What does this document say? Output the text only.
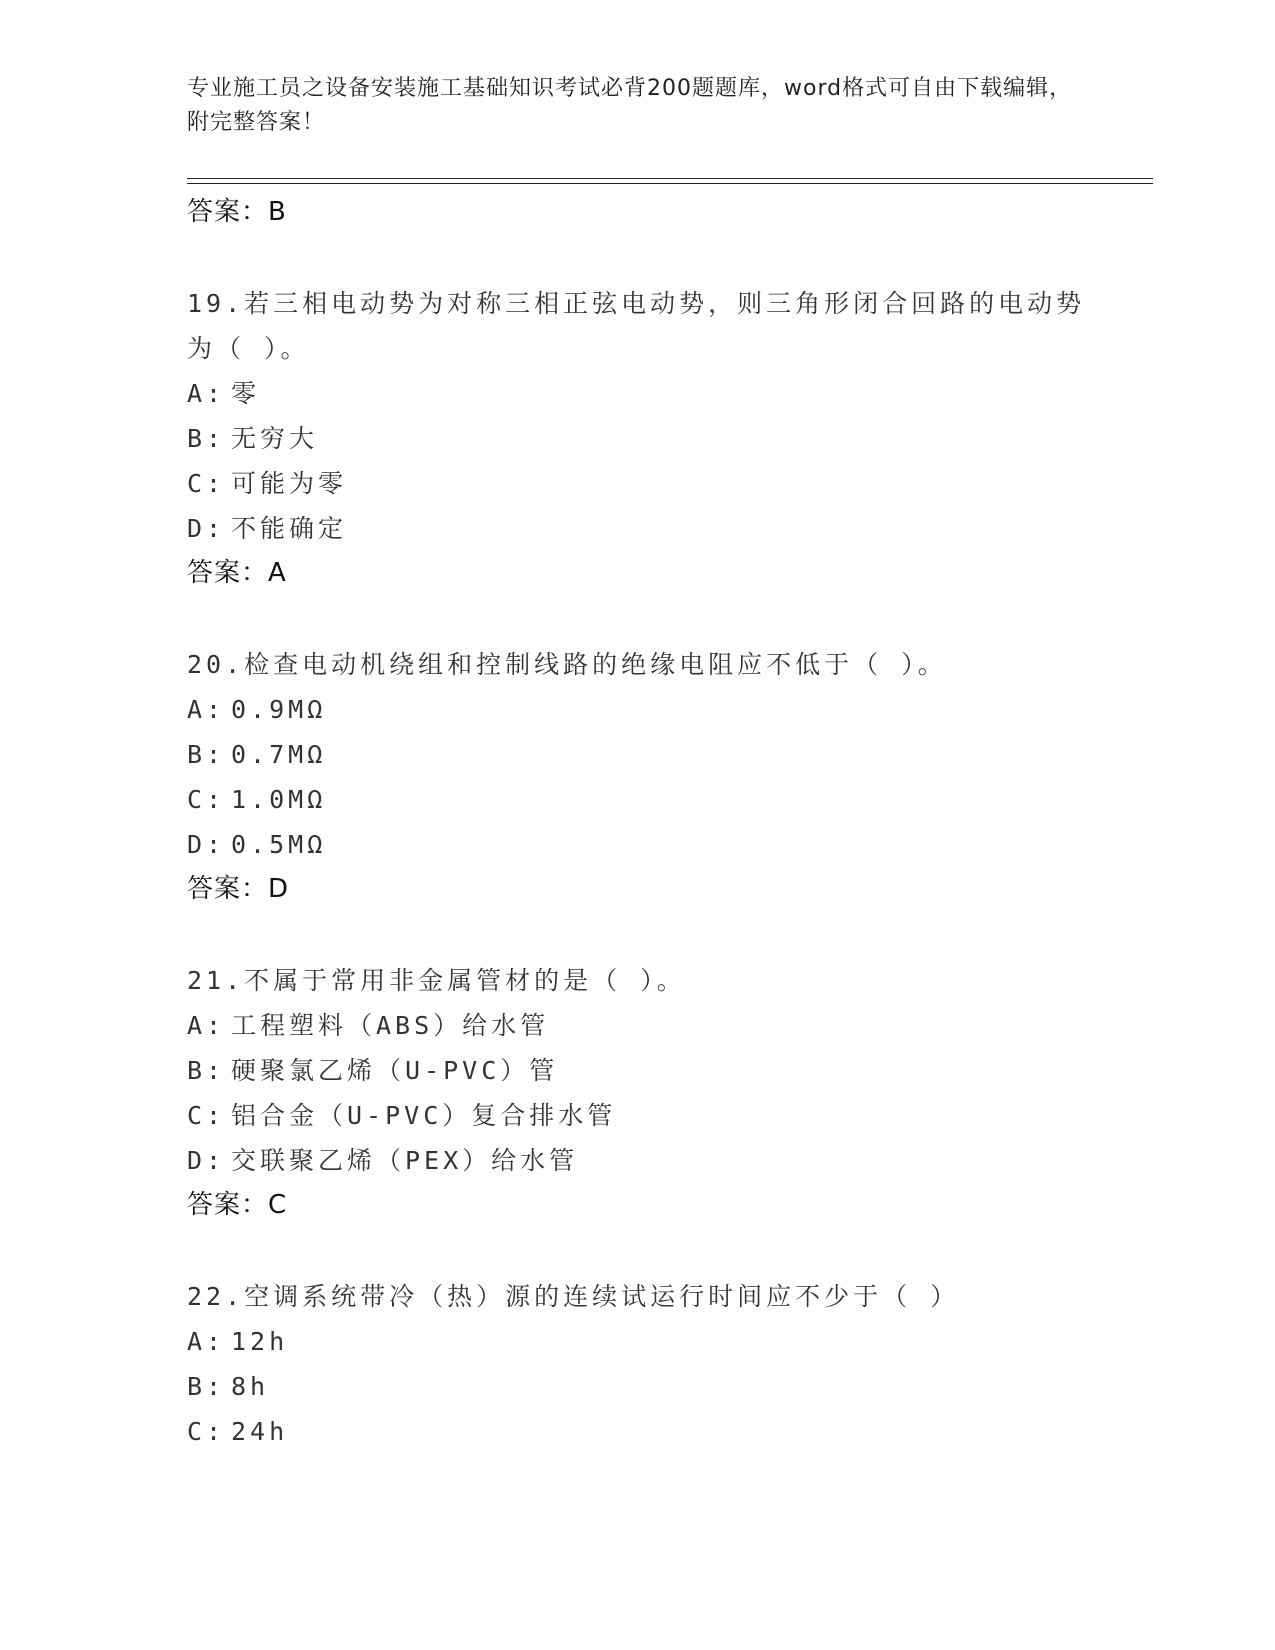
专业施工员之设备安装施工基础知识考试必背200题题库，word格式可自由下载编辑，附完整答案！
答案：B
19.若三相电动势为对称三相正弦电动势，则三角形闭合回路的电动势
为（ ）。
A: 零
B: 无穷大
C: 可能为零
D: 不能确定
答案：A
20.检查电动机绕组和控制线路的绝缘电阻应不低于（ ）。
A: 0.9MΩ
B: 0.7MΩ
C: 1.0MΩ
D: 0.5MΩ
答案：D
21.不属于常用非金属管材的是（ ）。
A: 工程塑料（ABS）给水管
B: 硬聚氯乙烯（U-PVC）管
C: 铝合金（U-PVC）复合排水管
D: 交联聚乙烯（PEX）给水管
答案：C
22.空调系统带冷（热）源的连续试运行时间应不少于（ ）
A: 12h
B: 8h
C: 24h
